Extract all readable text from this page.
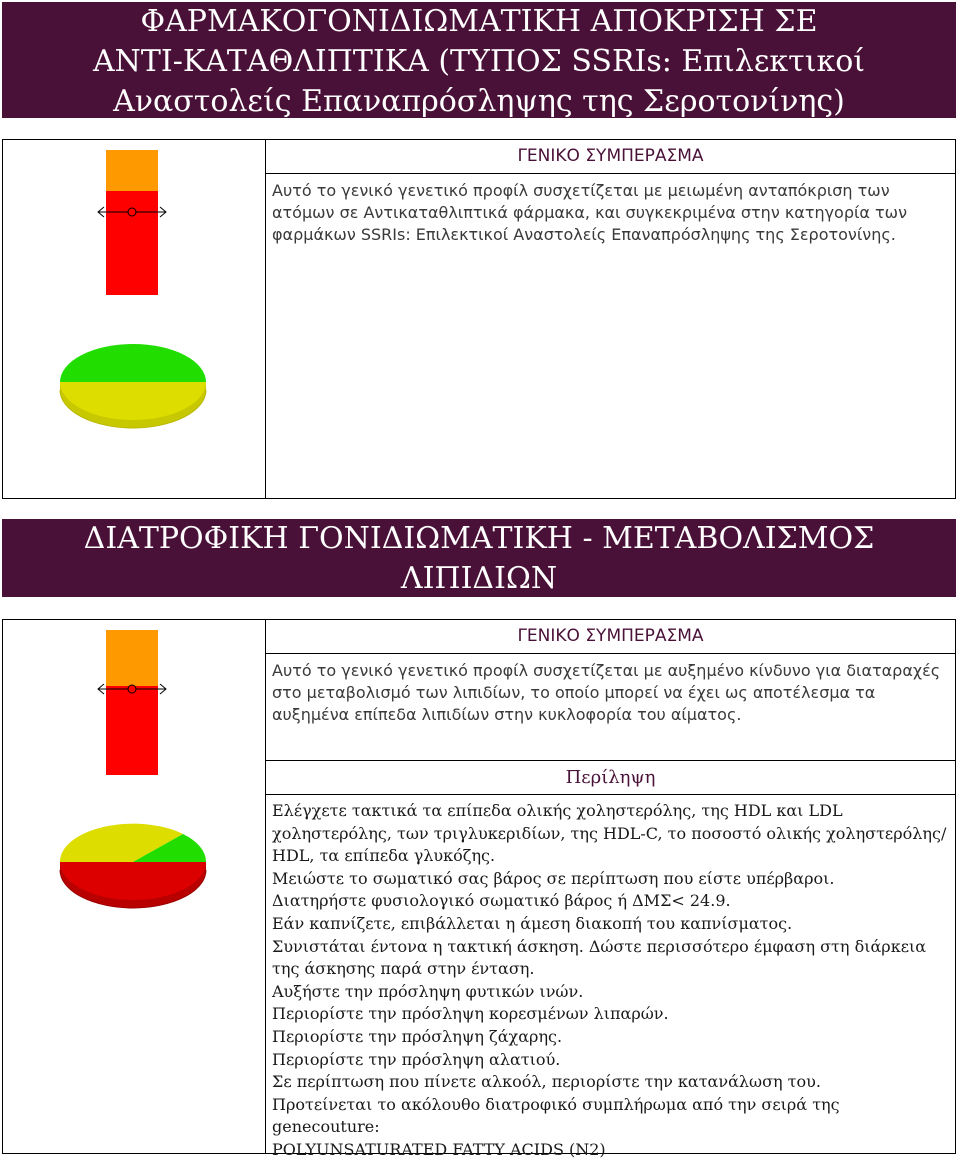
ΦΑΡΜΑΚΟΓΟΝΙΔΙΩΜΑΤΙΚΗ ΑΠΟΚΡΙΣΗ ΣΕ
ΑΝΤΙ-ΚΑΤΑΘΛΙΠΤΙΚΑ (ΤΥΠΟΣ SSRIs: Επιλεκτικοί
Αναστολείς Επαναπρόσληψης της Σεροτονίνης)
ΓΕΝΙΚΟ ΣΥΜΠΕΡΑΣΜΑ
Αυτό το γενικό γενετικό προφίλ συσχετίζεται με μειωμένη ανταπόκριση των ατόμων σε Αντικαταθλιπτικά φάρμακα, και συγκεκριμένα στην κατηγορία των φαρμάκων SSRIs: Επιλεκτικοί Αναστολείς Επαναπρόσληψης της Σεροτονίνης.
ΔΙΑΤΡΟΦΙΚΗ ΓΟΝΙΔΙΩΜΑΤΙΚΗ - ΜΕΤΑΒΟΛΙΣΜΟΣ
ΛΙΠΙΔΙΩΝ
ΓΕΝΙΚΟ ΣΥΜΠΕΡΑΣΜΑ
Αυτό το γενικό γενετικό προφίλ συσχετίζεται με αυξημένο κίνδυνο για διαταραχές στο μεταβολισμό των λιπιδίων, το οποίο μπορεί να έχει ως αποτέλεσμα τα αυξημένα επίπεδα λιπιδίων στην κυκλοφορία του αίματος.
Περίληψη
Ελέγχετε τακτικά τα επίπεδα ολικής χοληστερόλης, της HDL και LDL χοληστερόλης, των τριγλυκεριδίων, της HDL-C, το ποσοστό ολικής χοληστερόλης/ HDL, τα επίπεδα γλυκόζης.
Μειώστε το σωματικό σας βάρος σε περίπτωση που είστε υπέρβαροι.
Διατηρήστε φυσιολογικό σωματικό βάρος ή ΔΜΣ< 24.9.
Εάν καπνίζετε, επιβάλλεται η άμεση διακοπή του καπνίσματος.
Συνιστάται έντονα η τακτική άσκηση. Δώστε περισσότερο έμφαση στη διάρκεια της άσκησης παρά στην ένταση.
Αυξήστε την πρόσληψη φυτικών ινών.
Περιορίστε την πρόσληψη κορεσμένων λιπαρών.
Περιορίστε την πρόσληψη ζάχαρης.
Περιορίστε την πρόσληψη αλατιού.
Σε περίπτωση που πίνετε αλκοόλ, περιορίστε την κατανάλωση του.
Προτείνεται το ακόλουθο διατροφικό συμπλήρωμα από την σειρά της genecouture:
POLYUNSATURATED FATTY ACIDS (N2)
